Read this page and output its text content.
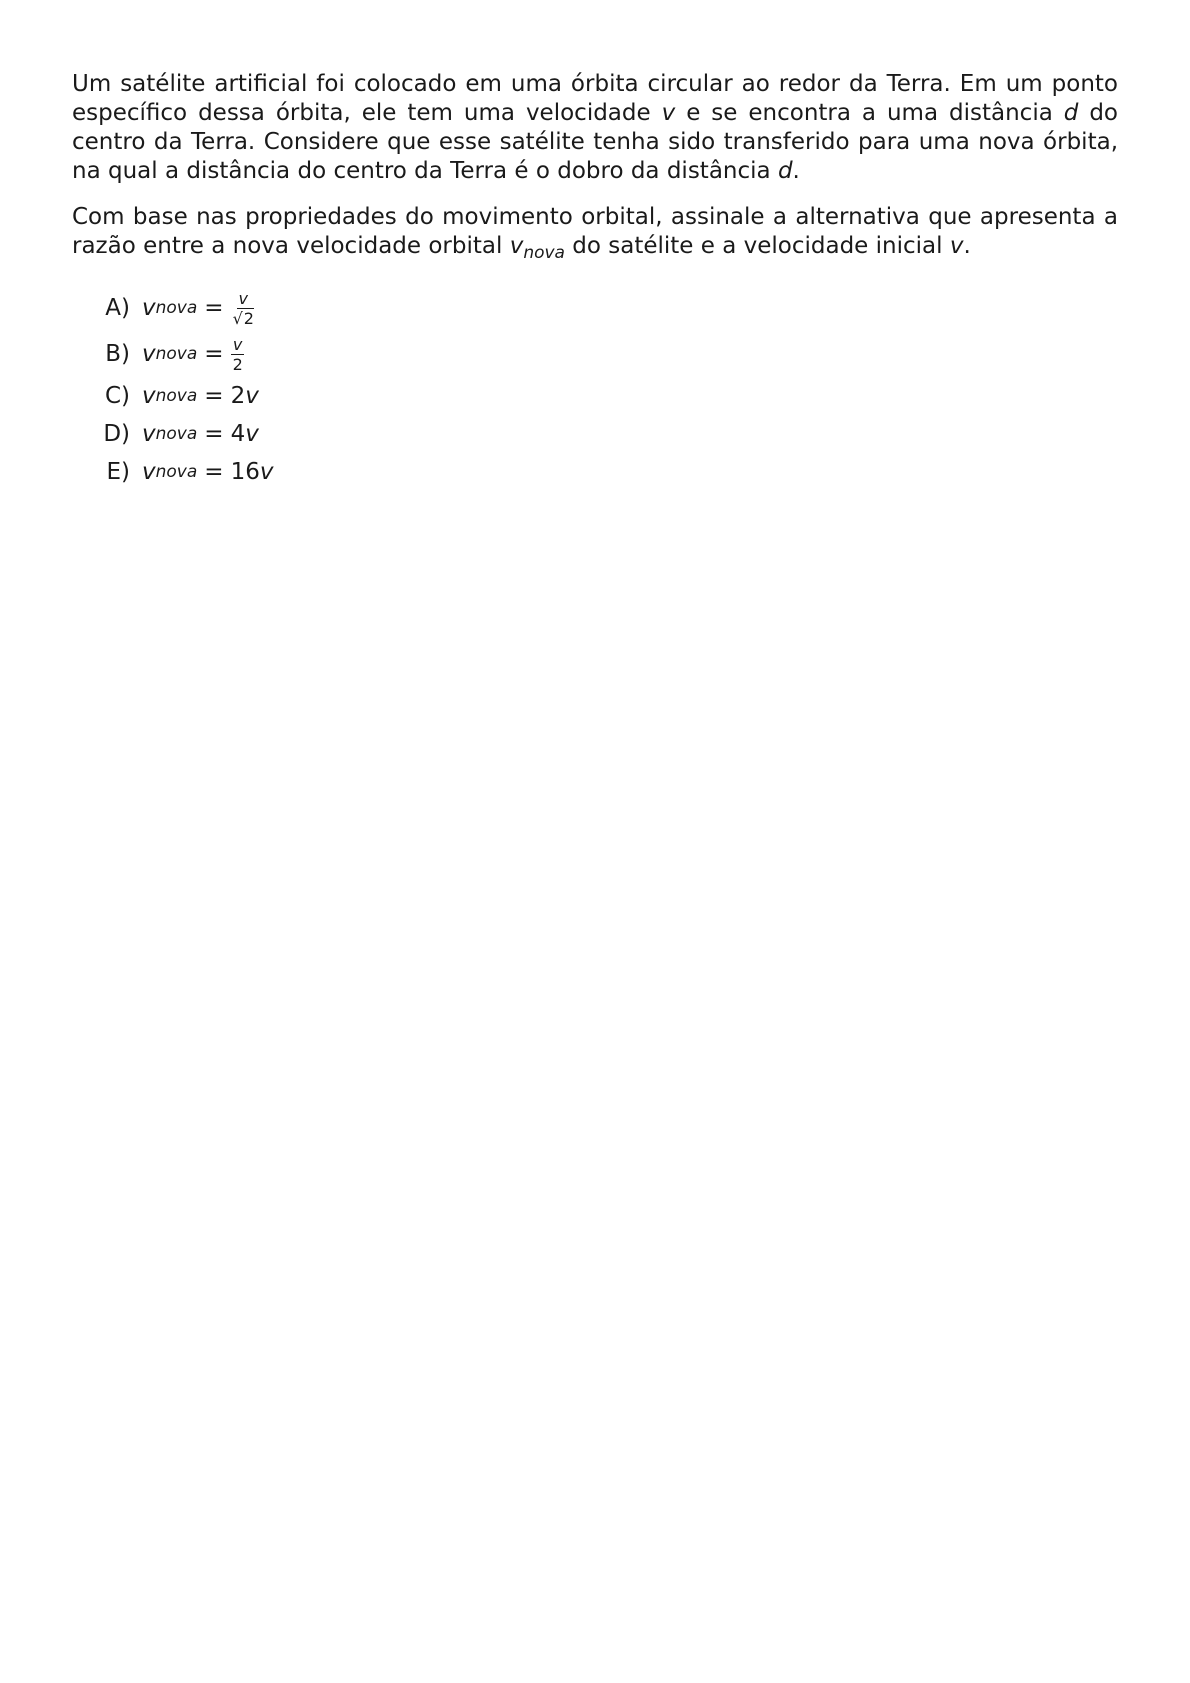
Um satélite artificial foi colocado em uma órbita circular ao redor da Terra. Em um ponto específico dessa órbita, ele tem uma velocidade v e se encontra a uma distância d do centro da Terra. Considere que esse satélite tenha sido transferido para uma nova órbita, na qual a distância do centro da Terra é o dobro da distância d.

Com base nas propriedades do movimento orbital, assinale a alternativa que apresenta a razão entre a nova velocidade orbital $v_{nova}$ do satélite e a velocidade inicial v.

A) v nova = $\frac{v}{√2}$
B) v nova = $\frac{v}{2}$
C) v nova = 2 v
D) v nova = 4 v
E) v nova = 16 v
